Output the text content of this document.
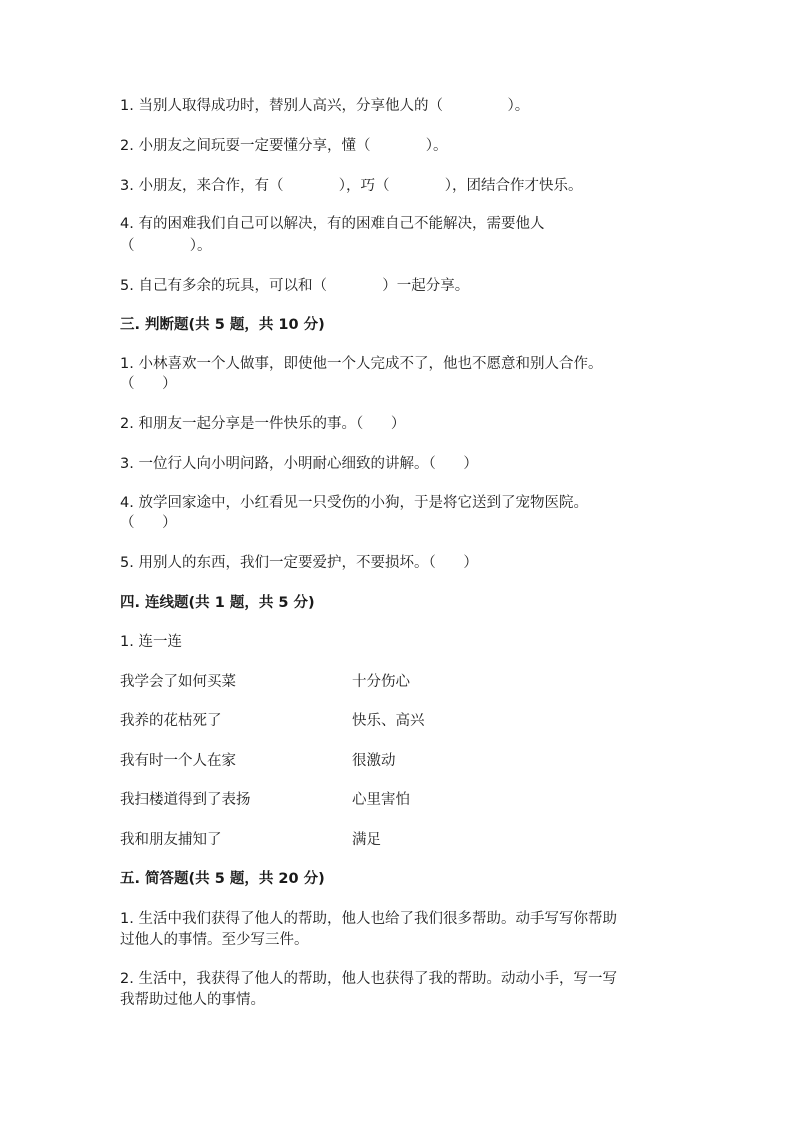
1. 当别人取得成功时，替别人高兴，分享他人的（              ）。
2. 小朋友之间玩耍一定要懂分享，懂（            ）。
3. 小朋友，来合作，有（            ），巧（            ），团结合作才快乐。
4. 有的困难我们自己可以解决，有的困难自己不能解决，需要他人
（            ）。
5. 自己有多余的玩具，可以和（            ）一起分享。
三. 判断题(共 5 题，共 10 分)
1. 小林喜欢一个人做事，即使他一个人完成不了，他也不愿意和别人合作。
（      ）
2. 和朋友一起分享是一件快乐的事。（      ）
3. 一位行人向小明问路，小明耐心细致的讲解。（      ）
4. 放学回家途中，小红看见一只受伤的小狗，于是将它送到了宠物医院。
（      ）
5. 用别人的东西，我们一定要爱护，不要损坏。（      ）
四. 连线题(共 1 题，共 5 分)
1. 连一连
我学会了如何买菜	十分伤心
我养的花枯死了	快乐、高兴
我有时一个人在家	很激动
我扫楼道得到了表扬	心里害怕
我和朋友捕知了	满足
五. 简答题(共 5 题，共 20 分)
1. 生活中我们获得了他人的帮助，他人也给了我们很多帮助。动手写写你帮助
过他人的事情。至少写三件。
2. 生活中，我获得了他人的帮助，他人也获得了我的帮助。动动小手，写一写
我帮助过他人的事情。
